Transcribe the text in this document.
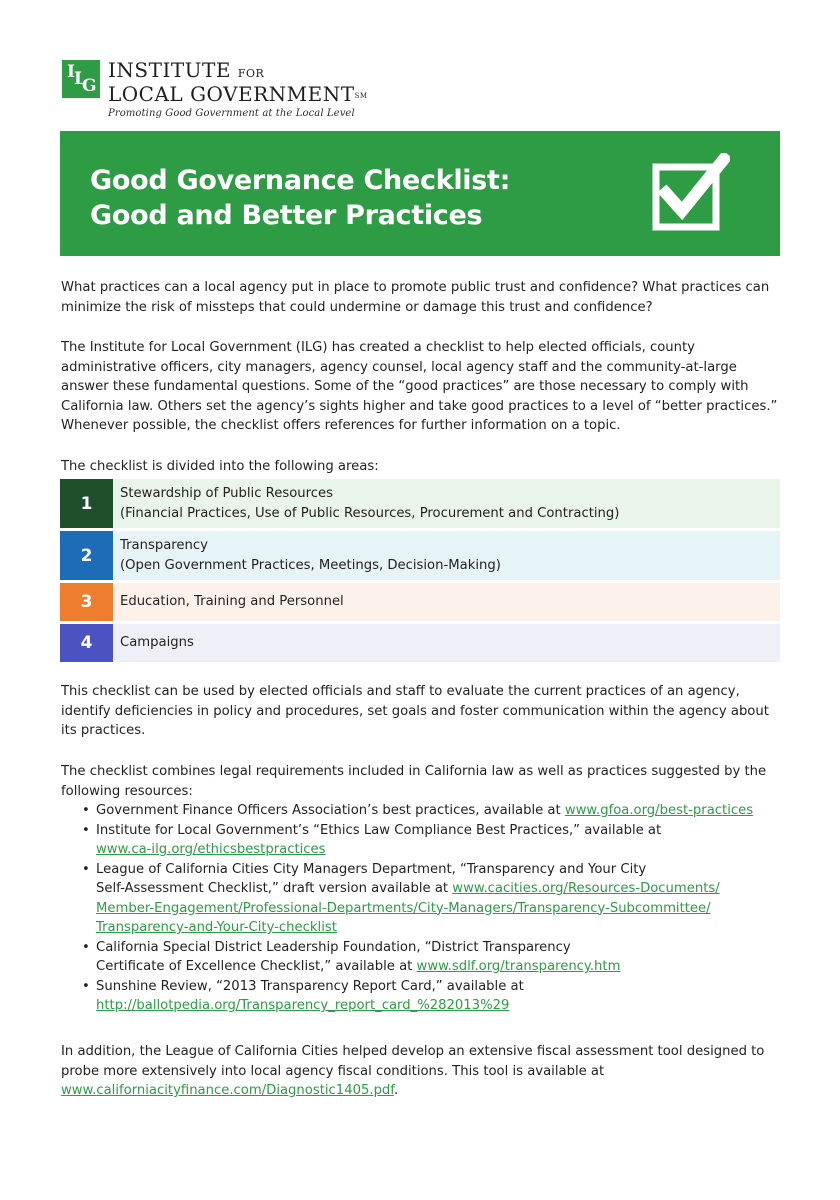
I L
G
INSTITUTE FOR
LOCAL GOVERNMENT℠
Promoting Good Government at the Local Level
Good Governance Checklist:
Good and Better Practices

What practices can a local agency put in place to promote public trust and confidence? What practices can minimize the risk of missteps that could undermine or damage this trust and confidence?

The Institute for Local Government (ILG) has created a checklist to help elected officials, county administrative officers, city managers, agency counsel, local agency staff and the community-at-large answer these fundamental questions. Some of the “good practices” are those necessary to comply with California law. Others set the agency’s sights higher and take good practices to a level of “better practices.” Whenever possible, the checklist offers references for further information on a topic.

The checklist is divided into the following areas:

1	Stewardship of Public Resources
(Financial Practices, Use of Public Resources, Procurement and Contracting)
2	Transparency
(Open Government Practices, Meetings, Decision-Making)
3	Education, Training and Personnel
4	Campaigns

This checklist can be used by elected officials and staff to evaluate the current practices of an agency, identify deficiencies in policy and procedures, set goals and foster communication within the agency about its practices.

The checklist combines legal requirements included in California law as well as practices suggested by the following resources:

• Government Finance Officers Association’s best practices, available at www.gfoa.org/best-practices
• Institute for Local Government’s “Ethics Law Compliance Best Practices,” available at
www.ca-ilg.org/ethicsbestpractices
• League of California Cities City Managers Department, “Transparency and Your City
Self-Assessment Checklist,” draft version available at www.cacities.org/Resources-Documents/
Member-Engagement/Professional-Departments/City-Managers/Transparency-Subcommittee/
Transparency-and-Your-City-checklist
• California Special District Leadership Foundation, “District Transparency
Certificate of Excellence Checklist,” available at www.sdlf.org/transparency.htm
• Sunshine Review, “2013 Transparency Report Card,” available at
http://ballotpedia.org/Transparency_report_card_%282013%29

In addition, the League of California Cities helped develop an extensive fiscal assessment tool designed to probe more extensively into local agency fiscal conditions. This tool is available at www.californiacityfinance.com/Diagnostic1405.pdf.
